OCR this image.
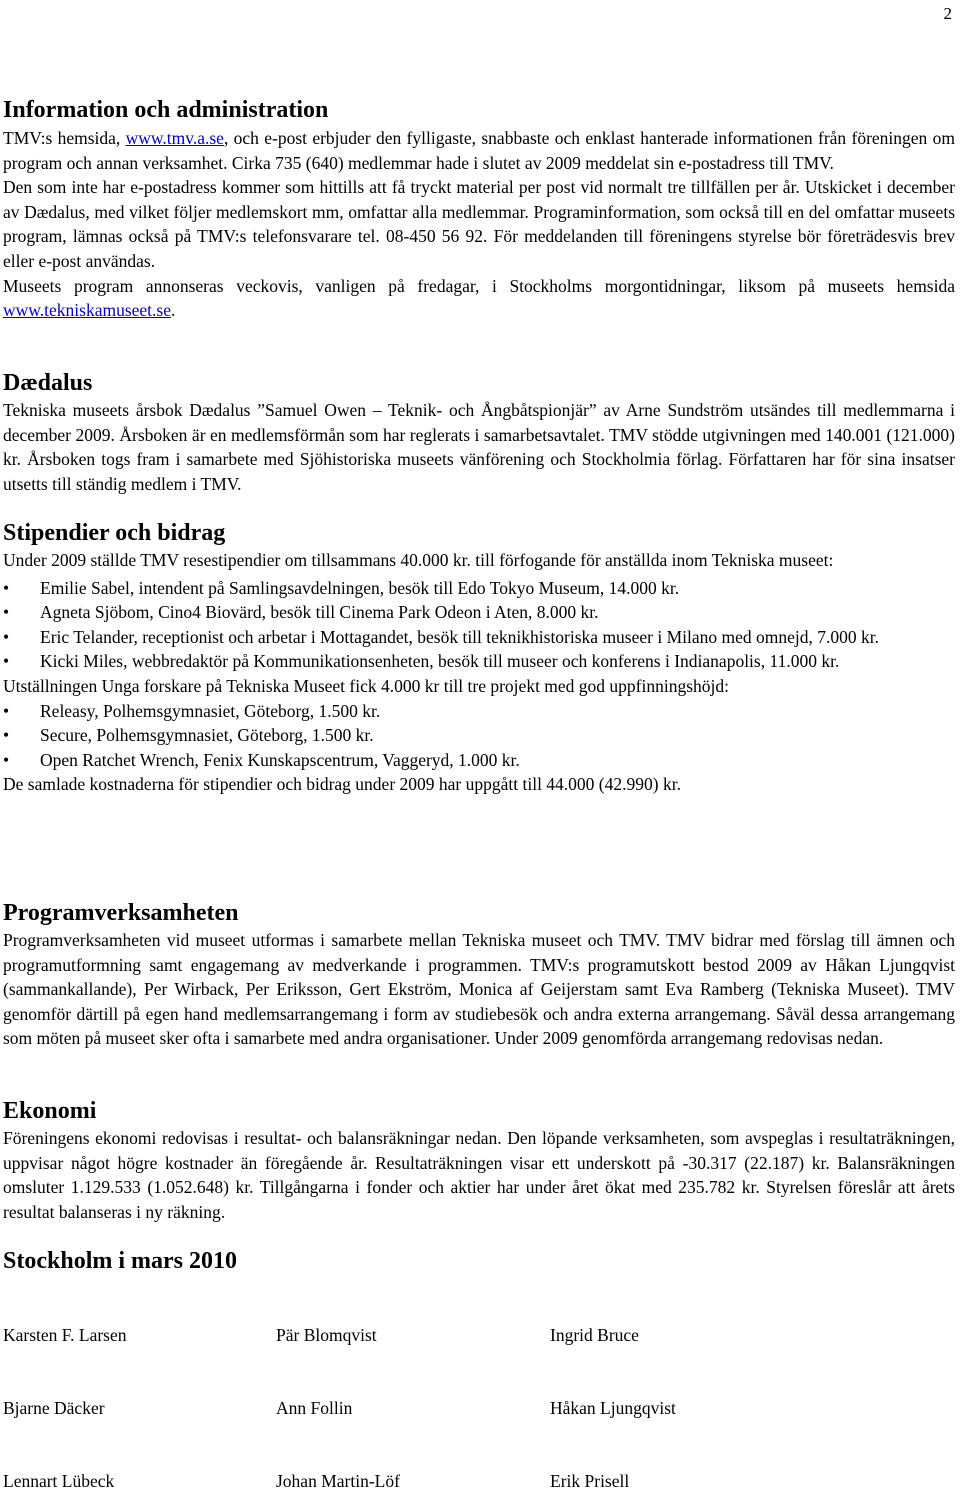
2
Information och administration

TMV:s hemsida, www.tmv.a.se, och e-post erbjuder den fylligaste, snabbaste och enklast hanterade informationen från föreningen om program och annan verksamhet. Cirka 735 (640) medlemmar hade i slutet av 2009 meddelat sin e-postadress till TMV.

Den som inte har e-postadress kommer som hittills att få tryckt material per post vid normalt tre tillfällen per år. Utskicket i december av Dædalus, med vilket följer medlemskort mm, omfattar alla medlemmar. Programinformation, som också till en del omfattar museets program, lämnas också på TMV:s telefonsvarare tel. 08-450 56 92. För meddelanden till föreningens styrelse bör företrädesvis brev eller e-post användas.

Museets program annonseras veckovis, vanligen på fredagar, i Stockholms morgontidningar, liksom på museets hemsida www.tekniskamuseet.se.

Dædalus

Tekniska museets årsbok Dædalus ”Samuel Owen – Teknik- och Ångbåtspionjär” av Arne Sundström utsändes till medlemmarna i december 2009. Årsboken är en medlemsförmån som har reglerats i samarbetsavtalet. TMV stödde utgivningen med 140.001 (121.000) kr. Årsboken togs fram i samarbete med Sjöhistoriska museets vänförening och Stockholmia förlag. Författaren har för sina insatser utsetts till ständig medlem i TMV.

Stipendier och bidrag

Under 2009 ställde TMV resestipendier om tillsammans 40.000 kr. till förfogande för anställda inom Tekniska museet:

• Emilie Sabel, intendent på Samlingsavdelningen, besök till Edo Tokyo Museum, 14.000 kr.
• Agneta Sjöbom, Cino4 Biovärd, besök till Cinema Park Odeon i Aten, 8.000 kr.
• Eric Telander, receptionist och arbetar i Mottagandet, besök till teknikhistoriska museer i Milano med omnejd, 7.000 kr.
• Kicki Miles, webbredaktör på Kommunikationsenheten, besök till museer och konferens i Indianapolis, 11.000 kr.

Utställningen Unga forskare på Tekniska Museet fick 4.000 kr till tre projekt med god uppfinningshöjd:

• Releasy, Polhemsgymnasiet, Göteborg, 1.500 kr.
• Secure, Polhemsgymnasiet, Göteborg, 1.500 kr.
• Open Ratchet Wrench, Fenix Kunskapscentrum, Vaggeryd, 1.000 kr.

De samlade kostnaderna för stipendier och bidrag under 2009 har uppgått till 44.000 (42.990) kr.

Programverksamheten

Programverksamheten vid museet utformas i samarbete mellan Tekniska museet och TMV. TMV bidrar med förslag till ämnen och programutformning samt engagemang av medverkande i programmen. TMV:s programutskott bestod 2009 av Håkan Ljungqvist (sammankallande), Per Wirback, Per Eriksson, Gert Ekström, Monica af Geijerstam samt Eva Ramberg (Tekniska Museet). TMV genomför därtill på egen hand medlemsarrangemang i form av studiebesök och andra externa arrangemang. Såväl dessa arrangemang som möten på museet sker ofta i samarbete med andra organisationer. Under 2009 genomförda arrangemang redovisas nedan.

Ekonomi

Föreningens ekonomi redovisas i resultat- och balansräkningar nedan. Den löpande verksamheten, som avspeglas i resultaträkningen, uppvisar något högre kostnader än föregående år. Resultaträkningen visar ett underskott på -30.317 (22.187) kr. Balansräkningen omsluter 1.129.533 (1.052.648) kr. Tillgångarna i fonder och aktier har under året ökat med 235.782 kr. Styrelsen föreslår att årets resultat balanseras i ny räkning.

Stockholm i mars 2010
Karsten F. Larsen	Pär Blomqvist	Ingrid Bruce
Bjarne Däcker	Ann Follin	Håkan Ljungqvist
Lennart Lübeck	Johan Martin-Löf	Erik Prisell
